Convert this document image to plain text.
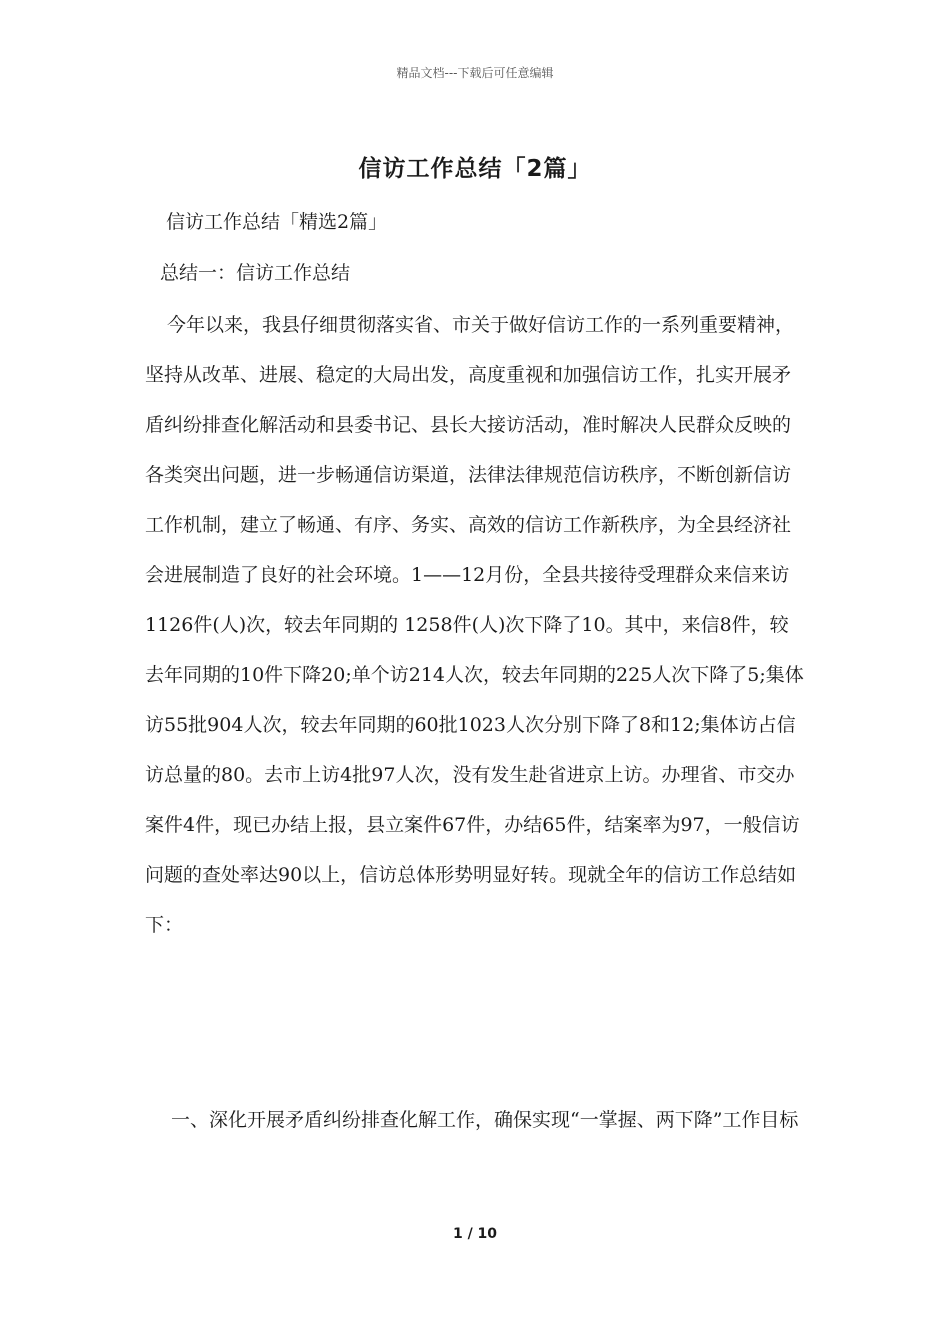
精品文档---下载后可任意编辑
信访工作总结「2篇」
信访工作总结「精选2篇」
总结一：信访工作总结

今年以来，我县仔细贯彻落实省、市关于做好信访工作的一系列重要精神，坚持从改革、进展、稳定的大局出发，高度重视和加强信访工作，扎实开展矛盾纠纷排查化解活动和县委书记、县长大接访活动，准时解决人民群众反映的各类突出问题，进一步畅通信访渠道，法律法律规范信访秩序，不断创新信访工作机制，建立了畅通、有序、务实、高效的信访工作新秩序，为全县经济社会进展制造了良好的社会环境。1——12月份，全县共接待受理群众来信来访1126件(人)次，较去年同期的 1258件(人)次下降了10。其中，来信8件，较去年同期的10件下降20;单个访214人次，较去年同期的225人次下降了5;集体访55批904人次，较去年同期的60批1023人次分别下降了8和12;集体访占信访总量的80。去市上访4批97人次，没有发生赴省进京上访。办理省、市交办案件4件，现已办结上报，县立案件67件，办结65件，结案率为97，一般信访问题的查处率达90以上，信访总体形势明显好转。现就全年的信访工作总结如下：

一、深化开展矛盾纠纷排查化解工作，确保实现“一掌握、两下降”工作目标

1 / 10
